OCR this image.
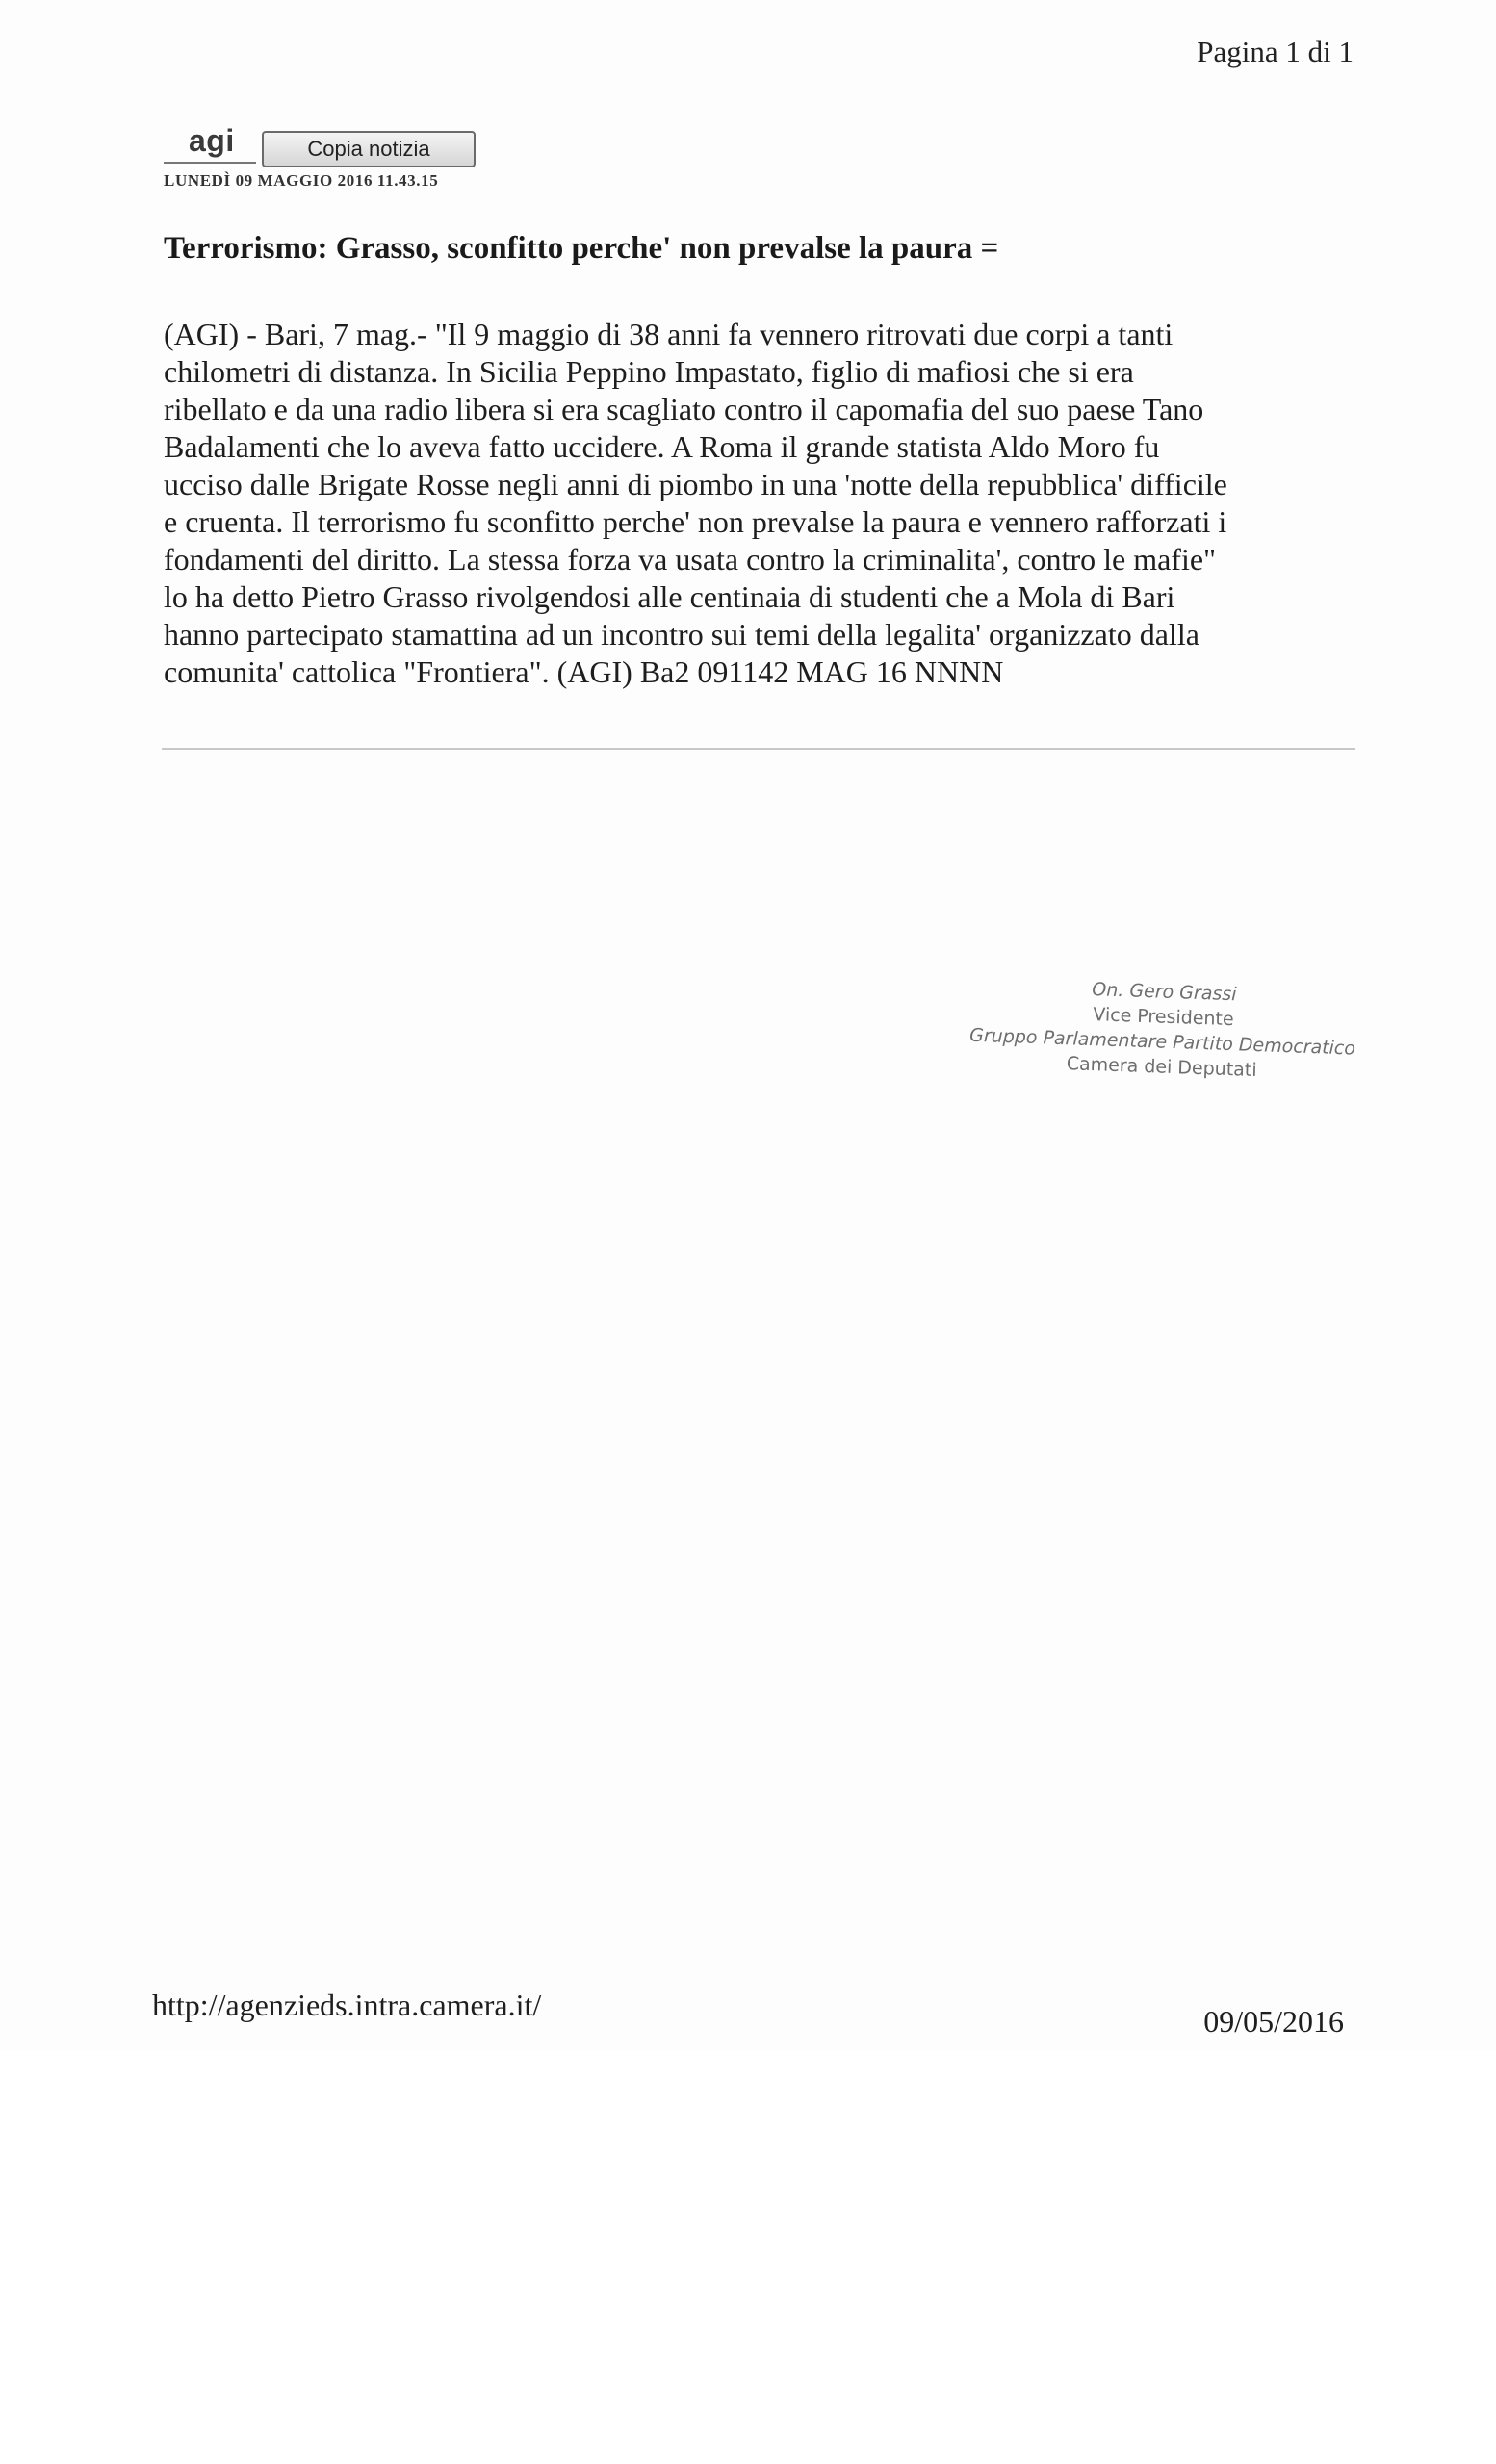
Pagina 1 di 1
agi	Copia notizia
LUNEDÌ 09 MAGGIO 2016 11.43.15
Terrorismo: Grasso, sconfitto perche' non prevalse la paura =

(AGI) - Bari, 7 mag.- "Il 9 maggio di 38 anni fa vennero ritrovati due corpi a tanti
chilometri di distanza. In Sicilia Peppino Impastato, figlio di mafiosi che si era
ribellato e da una radio libera si era scagliato contro il capomafia del suo paese Tano
Badalamenti che lo aveva fatto uccidere. A Roma il grande statista Aldo Moro fu
ucciso dalle Brigate Rosse negli anni di piombo in una 'notte della repubblica' difficile
e cruenta. Il terrorismo fu sconfitto perche' non prevalse la paura e vennero rafforzati i
fondamenti del diritto. La stessa forza va usata contro la criminalita', contro le mafie"
lo ha detto Pietro Grasso rivolgendosi alle centinaia di studenti che a Mola di Bari
hanno partecipato stamattina ad un incontro sui temi della legalita' organizzato dalla
comunita' cattolica "Frontiera". (AGI) Ba2 091142 MAG 16 NNNN

On. Gero Grassi
Vice Presidente
Gruppo Parlamentare Partito Democratico
Camera dei Deputati
http://agenzieds.intra.camera.it/	09/05/2016
